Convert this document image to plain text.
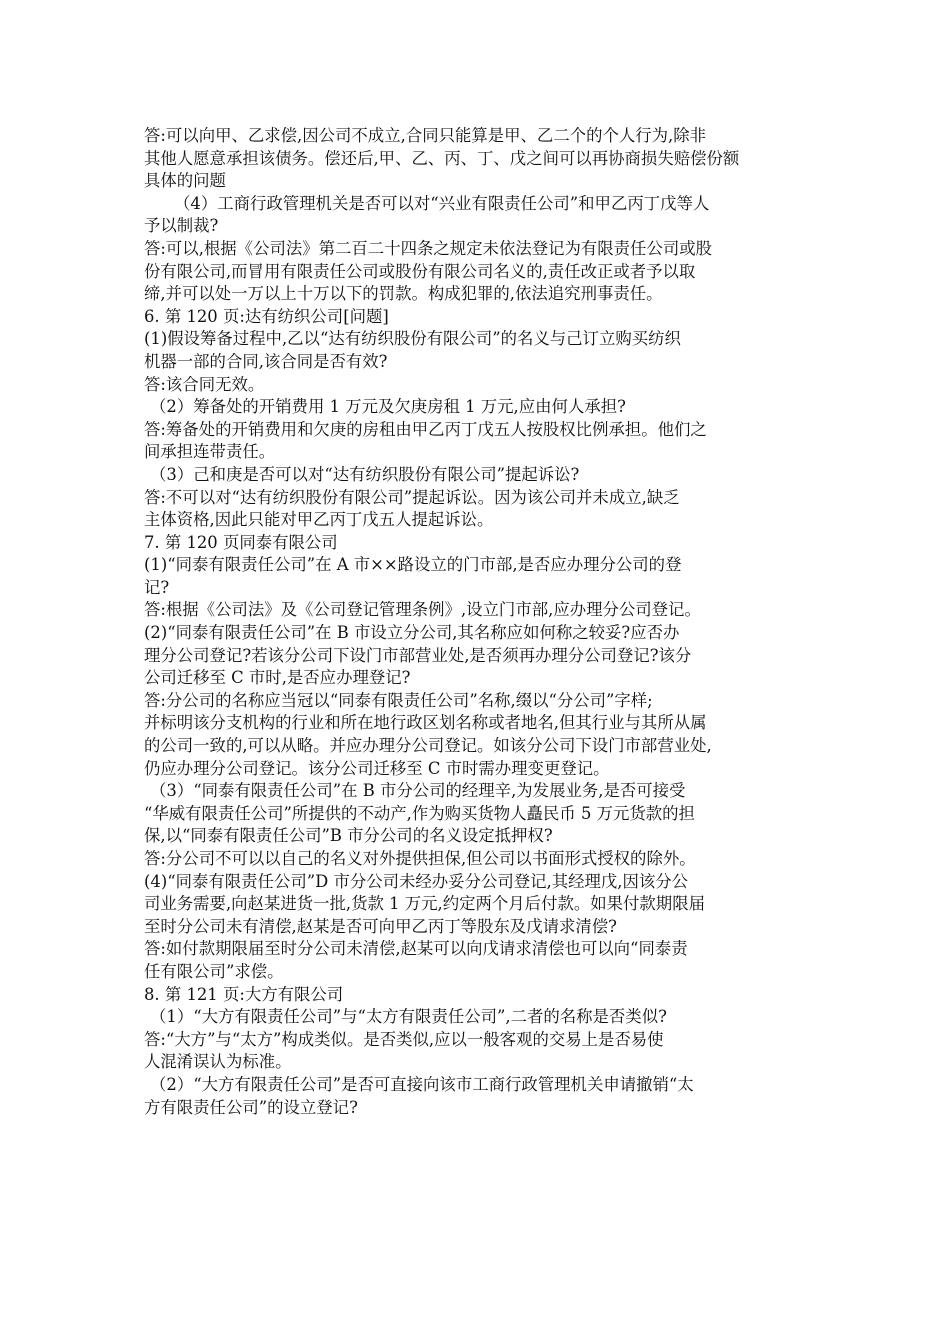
答:可以向甲、乙求偿,因公司不成立,合同只能算是甲、乙二个的个人行为,除非
其他人愿意承担该债务。偿还后,甲、乙、丙、丁、戊之间可以再协商损失赔偿份额
具体的问题
（4）工商行政管理机关是否可以对“兴业有限责任公司”和甲乙丙丁戊等人
予以制裁?
答:可以,根据《公司法》第二百二十四条之规定未依法登记为有限责任公司或股
份有限公司,而冒用有限责任公司或股份有限公司名义的,责任改正或者予以取
缔,并可以处一万以上十万以下的罚款。构成犯罪的,依法追究刑事责任。
6. 第 120 页:达有纺织公司[问题]
(1)假设筹备过程中,乙以“达有纺织股份有限公司”的名义与己订立购买纺织
机器一部的合同,该合同是否有效?
答:该合同无效。
（2）筹备处的开销费用 1 万元及欠庚房租 1 万元,应由何人承担?
答:筹备处的开销费用和欠庚的房租由甲乙丙丁戊五人按股权比例承担。他们之
间承担连带责任。
（3）己和庚是否可以对“达有纺织股份有限公司”提起诉讼?
答:不可以对“达有纺织股份有限公司”提起诉讼。因为该公司并未成立,缺乏
主体资格,因此只能对甲乙丙丁戊五人提起诉讼。
7. 第 120 页同泰有限公司
(1)“同泰有限责任公司”在 A 市××路设立的门市部,是否应办理分公司的登
记?
答:根据《公司法》及《公司登记管理条例》,设立门市部,应办理分公司登记。
(2)“同泰有限责任公司”在 B 市设立分公司,其名称应如何称之较妥?应否办
理分公司登记?若该分公司下设门市部营业处,是否须再办理分公司登记?该分
公司迁移至 C 市时,是否应办理登记?
答:分公司的名称应当冠以“同泰有限责任公司”名称,缀以“分公司”字样;
并标明该分支机构的行业和所在地行政区划名称或者地名,但其行业与其所从属
的公司一致的,可以从略。并应办理分公司登记。如该分公司下设门市部营业处,
仍应办理分公司登记。该分公司迁移至 C 市时需办理变更登记。
（3）“同泰有限责任公司”在 B 市分公司的经理辛,为发展业务,是否可接受
“华威有限责任公司”所提供的不动产,作为购买货物人矗民币 5 万元货款的担
保,以“同泰有限责任公司”B 市分公司的名义设定抵押权?
答:分公司不可以以自己的名义对外提供担保,但公司以书面形式授权的除外。
(4)“同泰有限责任公司”D 市分公司未经办妥分公司登记,其经理戊,因该分公
司业务需要,向赵某进货一批,货款 1 万元,约定两个月后付款。如果付款期限届
至时分公司未有清偿,赵某是否可向甲乙丙丁等股东及戊请求清偿?
答:如付款期限届至时分公司未清偿,赵某可以向戊请求清偿也可以向“同泰责
任有限公司”求偿。
8. 第 121 页:大方有限公司
（1）“大方有限责任公司”与“太方有限责任公司”,二者的名称是否类似?
答:“大方”与“太方”构成类似。是否类似,应以一般客观的交易上是否易使
人混淆误认为标准。
（2）“大方有限责任公司”是否可直接向该市工商行政管理机关申请撤销“太
方有限责任公司”的设立登记?
